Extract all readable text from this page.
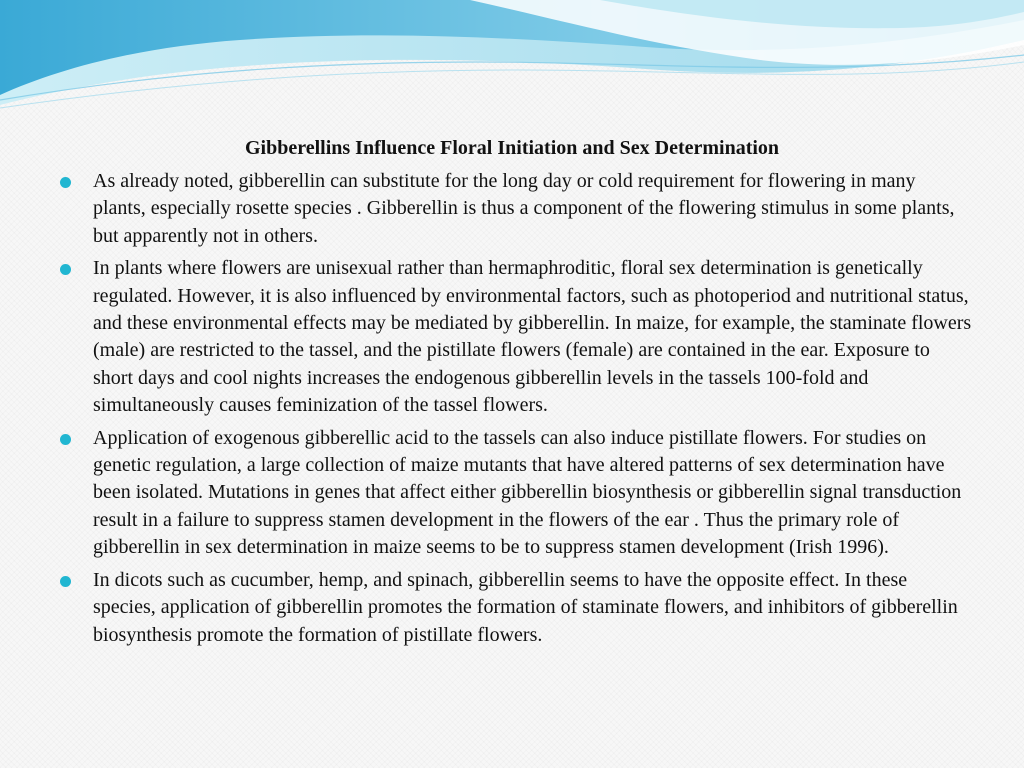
Gibberellins Influence Floral Initiation and Sex Determination
As already noted, gibberellin can substitute for the long day or cold requirement for flowering in many plants, especially rosette species . Gibberellin is thus a component of the flowering stimulus in some plants, but apparently not in others.
In plants where flowers are unisexual rather than hermaphroditic, floral sex determination is genetically regulated. However, it is also influenced by environmental factors, such as photoperiod and nutritional status, and these environmental effects may be mediated by gibberellin. In maize, for example, the staminate flowers (male) are restricted to the tassel, and the pistillate flowers (female) are contained in the ear. Exposure to short days and cool nights increases the endogenous gibberellin levels in the tassels 100-fold and simultaneously causes feminization of the tassel flowers.
Application of exogenous gibberellic acid to the tassels can also induce pistillate flowers. For studies on genetic regulation, a large collection of maize mutants that have altered patterns of sex determination have been isolated. Mutations in genes that affect either gibberellin biosynthesis or gibberellin signal transduction result in a failure to suppress stamen development in the flowers of the ear . Thus the primary role of gibberellin in sex determination in maize seems to be to suppress stamen development (Irish 1996).
In dicots such as cucumber, hemp, and spinach, gibberellin seems to have the opposite effect. In these species, application of gibberellin promotes the formation of staminate flowers, and inhibitors of gibberellin biosynthesis promote the formation of pistillate flowers.
